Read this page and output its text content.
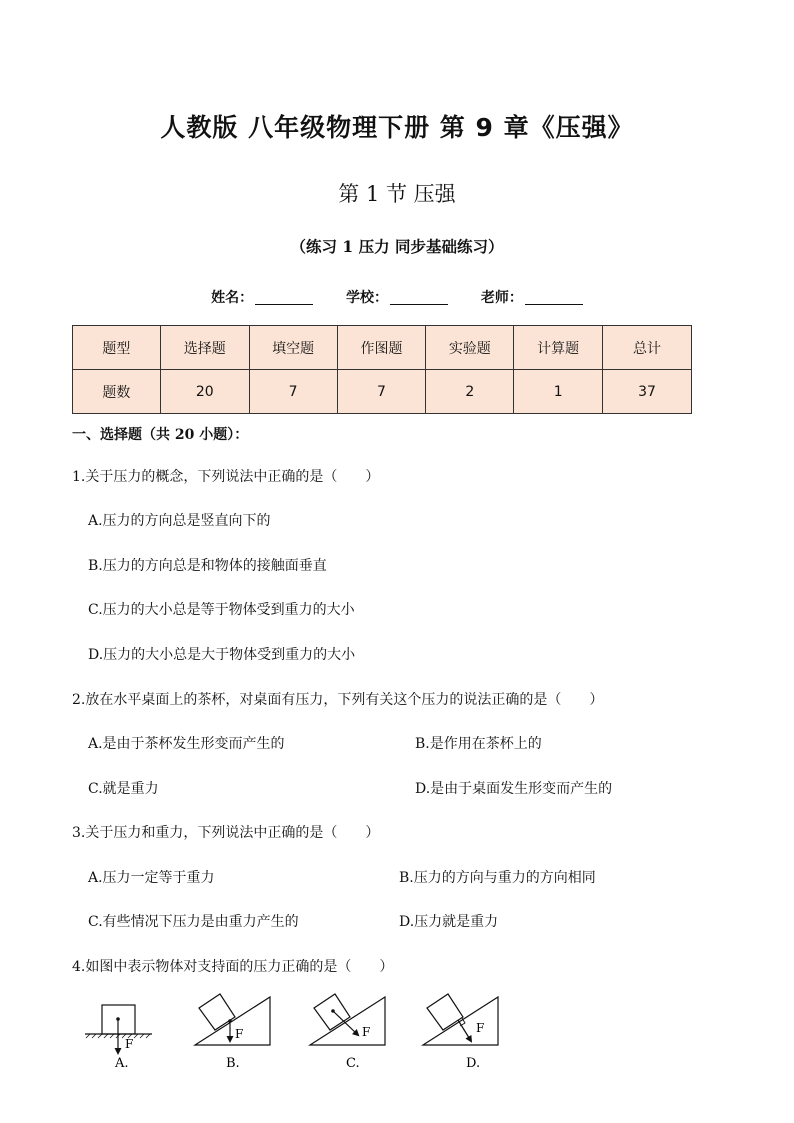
人教版 八年级物理下册 第 9 章《压强》
第 1 节 压强
（练习 1 压力 同步基础练习）
姓名：	学校：	老师：
题型	选择题	填空题	作图题	实验题	计算题	总计
题数	20	7	7	2	1	37
一、选择题（共 20 小题）：
1.关于压力的概念，下列说法中正确的是（　　）
A.压力的方向总是竖直向下的
B.压力的方向总是和物体的接触面垂直
C.压力的大小总是等于物体受到重力的大小
D.压力的大小总是大于物体受到重力的大小
2.放在水平桌面上的茶杯，对桌面有压力，下列有关这个压力的说法正确的是（　　）
A.是由于茶杯发生形变而产生的	B.是作用在茶杯上的
C.就是重力	D.是由于桌面发生形变而产生的
3.关于压力和重力，下列说法中正确的是（　　）
A.压力一定等于重力	B.压力的方向与重力的方向相同
C.有些情况下压力是由重力产生的	D.压力就是重力
4.如图中表示物体对支持面的压力正确的是（　　）
F
A.
F
B.
F
C.
F
D.
